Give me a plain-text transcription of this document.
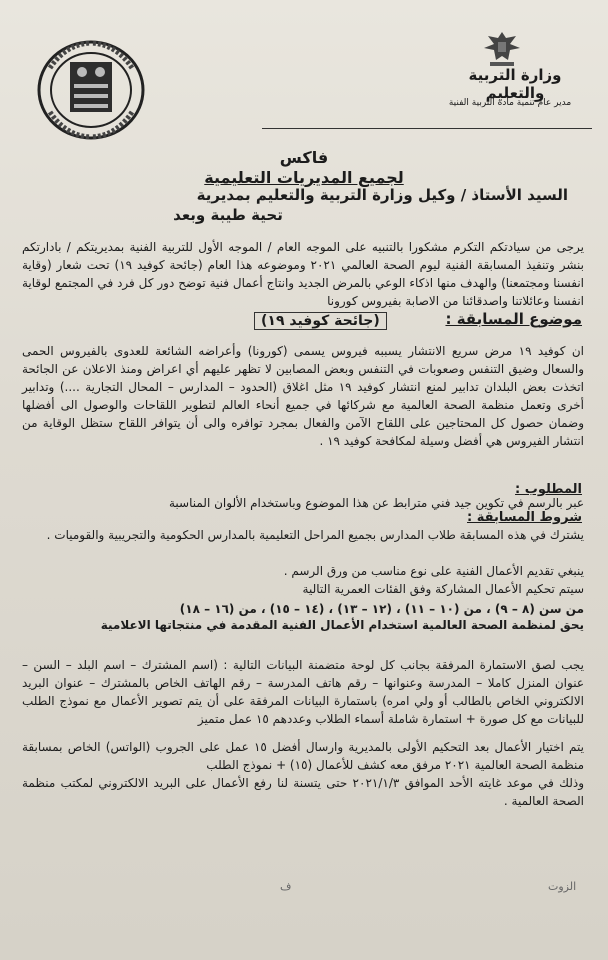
وزارة التربية والتعليم
مدير عام تنمية مادة التربية الفنية
فاكس
لجميع المديريات التعليمية
السيد الأستاذ / وكيل وزارة التربية والتعليم بمديرية
تحية طيبة وبعد
يرجى من سيادتكم التكرم مشكورا بالتنبيه على الموجه العام / الموجه الأول للتربية الفنية بمديريتكم / بادارتكم بنشر وتنفيذ المسابقة الفنية ليوم الصحة العالمي ٢٠٢١ وموضوعه هذا العام (جائحة كوفيد ١٩) تحت شعار (وقاية انفسنا ومجتمعنا) والهدف منها اذكاء الوعي بالمرض الجديد وانتاج أعمال فنية توضح دور كل فرد في المجتمع لوقاية انفسنا وعائلاتنا واصدقائنا من الاصابة بفيروس كورونا
موضوع المسابقة :
(جائحة كوفيد ١٩)
ان كوفيد ١٩ مرض سريع الانتشار يسببه فيروس يسمى (كورونا) وأعراضه الشائعة للعدوى بالفيروس الحمى والسعال وضيق التنفس وصعوبات في التنفس وبعض المصابين لا تظهر عليهم أي اعراض ومنذ الاعلان عن الجائحة اتخذت بعض البلدان تدابير لمنع انتشار كوفيد ١٩ مثل اغلاق (الحدود – المدارس – المحال التجارية ....) وتدابير أخرى وتعمل منظمة الصحة العالمية مع شركائها في جميع أنحاء العالم لتطوير اللقاحات والوصول الى أفضلها وضمان حصول كل المحتاجين على اللقاح الآمن والفعال بمجرد توافره والى أن يتوافر اللقاح ستظل الوقاية من انتشار الفيروس هي أفضل وسيلة لمكافحة كوفيد ١٩ .
المطلوب :
عبر بالرسم في تكوين جيد فني مترابط عن هذا الموضوع وباستخدام الألوان المناسبة
شروط المسابقة :
يشترك في هذه المسابقة طلاب المدارس بجميع المراحل التعليمية بالمدارس الحكومية والتجريبية والقوميات .
ينبغي تقديم الأعمال الفنية على نوع مناسب من ورق الرسم .
سيتم تحكيم الأعمال المشاركة وفق الفئات العمرية التالية
من سن (٨ – ٩) ، من (١٠ – ١١) ، (١٢ – ١٣) ، (١٤ – ١٥) ، من (١٦ – ١٨)
يحق لمنظمة الصحة العالمية استخدام الأعمال الفنية المقدمة في منتجاتها الاعلامية
يجب لصق الاستمارة المرفقة بجانب كل لوحة متضمنة البيانات التالية : (اسم المشترك – اسم البلد – السن – عنوان المنزل كاملا – المدرسة وعنوانها – رقم هاتف المدرسة – رقم الهاتف الخاص بالمشترك – عنوان البريد الالكتروني الخاص بالطالب أو ولي امره) باستمارة البيانات المرفقة على أن يتم تصوير الأعمال مع نموذج الطلب للبيانات مع كل صورة + استمارة شاملة أسماء الطلاب وعددهم ١٥ عمل متميز
يتم اختيار الأعمال بعد التحكيم الأولى بالمديرية وارسال أفضل ١٥ عمل على الجروب (الواتس) الخاص بمسابقة منظمة الصحة العالمية ٢٠٢١ مرفق معه كشف للأعمال (١٥) + نموذج الطلب
وذلك في موعد غايته الأحد الموافق ٢٠٢١/١/٣ حتى يتسنة لنا رفع الأعمال على البريد الالكتروني لمكتب منظمة الصحة العالمية .
الزوت
ف
